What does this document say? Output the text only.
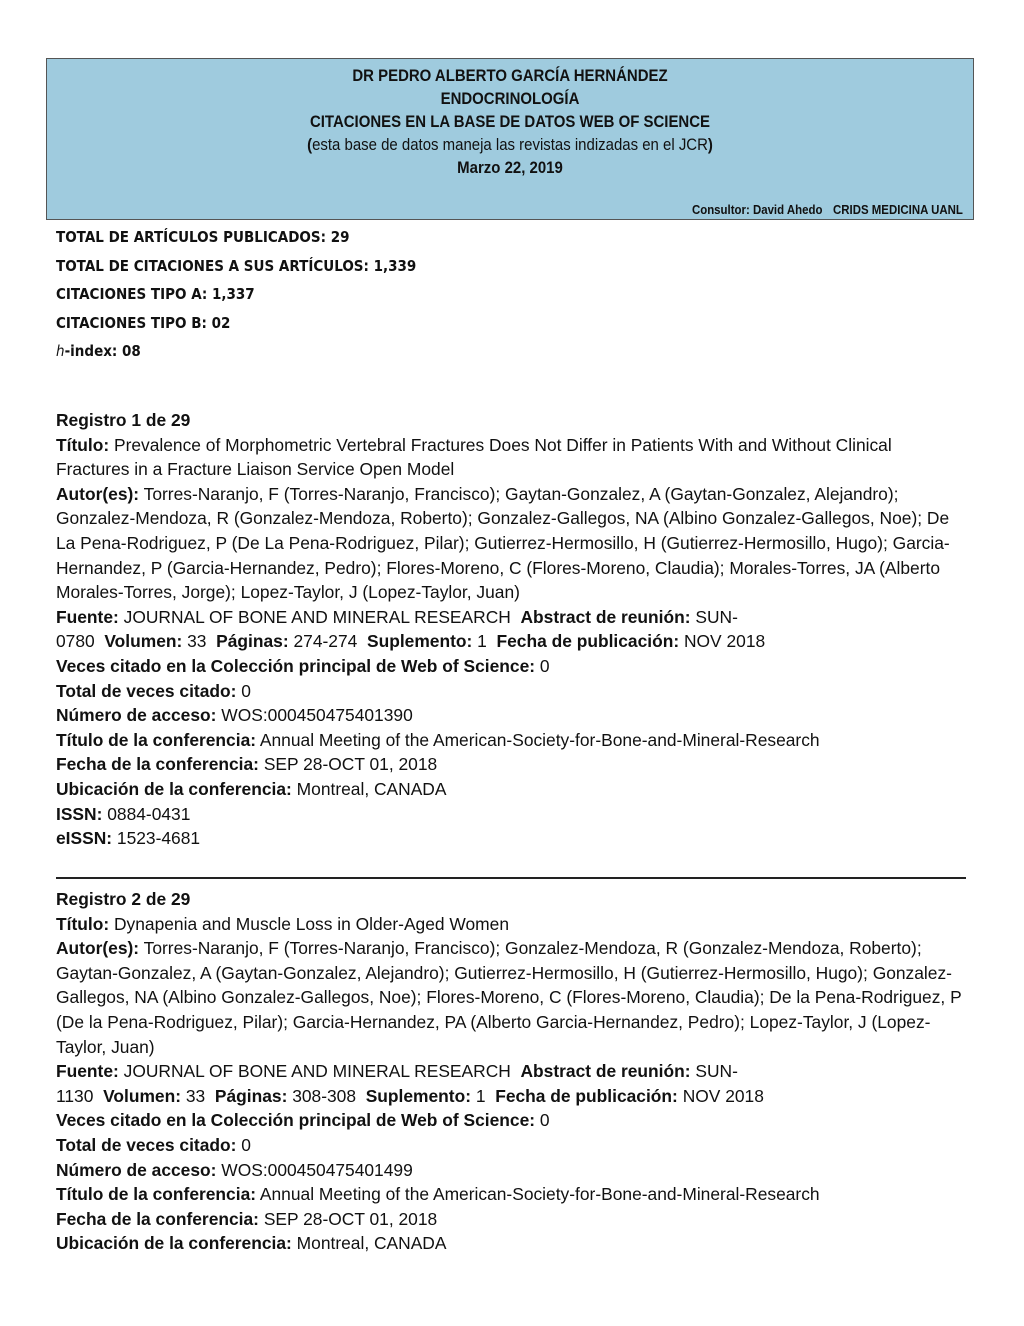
DR PEDRO ALBERTO GARCÍA HERNÁNDEZ
ENDOCRINOLOGÍA
CITACIONES EN LA BASE DE DATOS WEB OF SCIENCE
(esta base de datos maneja las revistas indizadas en el JCR)
Marzo 22, 2019
Consultor: David Ahedo CRIDS MEDICINA UANL
TOTAL DE ARTÍCULOS PUBLICADOS: 29
TOTAL DE CITACIONES A SUS ARTÍCULOS: 1,339
CITACIONES TIPO A: 1,337
CITACIONES TIPO B: 02
h-index: 08
Registro 1 de 29
Título: Prevalence of Morphometric Vertebral Fractures Does Not Differ in Patients With and Without Clinical Fractures in a Fracture Liaison Service Open Model
Autor(es): Torres-Naranjo, F (Torres-Naranjo, Francisco); Gaytan-Gonzalez, A (Gaytan-Gonzalez, Alejandro); Gonzalez-Mendoza, R (Gonzalez-Mendoza, Roberto); Gonzalez-Gallegos, NA (Albino Gonzalez-Gallegos, Noe); De La Pena-Rodriguez, P (De La Pena-Rodriguez, Pilar); Gutierrez-Hermosillo, H (Gutierrez-Hermosillo, Hugo); Garcia-Hernandez, P (Garcia-Hernandez, Pedro); Flores-Moreno, C (Flores-Moreno, Claudia); Morales-Torres, JA (Alberto Morales-Torres, Jorge); Lopez-Taylor, J (Lopez-Taylor, Juan)
Fuente: JOURNAL OF BONE AND MINERAL RESEARCH Abstract de reunión: SUN-
0780 Volumen: 33 Páginas: 274-274 Suplemento: 1 Fecha de publicación: NOV 2018
Veces citado en la Colección principal de Web of Science: 0
Total de veces citado: 0
Número de acceso: WOS:000450475401390
Título de la conferencia: Annual Meeting of the American-Society-for-Bone-and-Mineral-Research
Fecha de la conferencia: SEP 28-OCT 01, 2018
Ubicación de la conferencia: Montreal, CANADA
ISSN: 0884-0431
eISSN: 1523-4681
Registro 2 de 29
Título: Dynapenia and Muscle Loss in Older-Aged Women
Autor(es): Torres-Naranjo, F (Torres-Naranjo, Francisco); Gonzalez-Mendoza, R (Gonzalez-Mendoza, Roberto); Gaytan-Gonzalez, A (Gaytan-Gonzalez, Alejandro); Gutierrez-Hermosillo, H (Gutierrez-Hermosillo, Hugo); Gonzalez-Gallegos, NA (Albino Gonzalez-Gallegos, Noe); Flores-Moreno, C (Flores-Moreno, Claudia); De la Pena-Rodriguez, P (De la Pena-Rodriguez, Pilar); Garcia-Hernandez, PA (Alberto Garcia-Hernandez, Pedro); Lopez-Taylor, J (Lopez-Taylor, Juan)
Fuente: JOURNAL OF BONE AND MINERAL RESEARCH Abstract de reunión: SUN-
1130 Volumen: 33 Páginas: 308-308 Suplemento: 1 Fecha de publicación: NOV 2018
Veces citado en la Colección principal de Web of Science: 0
Total de veces citado: 0
Número de acceso: WOS:000450475401499
Título de la conferencia: Annual Meeting of the American-Society-for-Bone-and-Mineral-Research
Fecha de la conferencia: SEP 28-OCT 01, 2018
Ubicación de la conferencia: Montreal, CANADA
